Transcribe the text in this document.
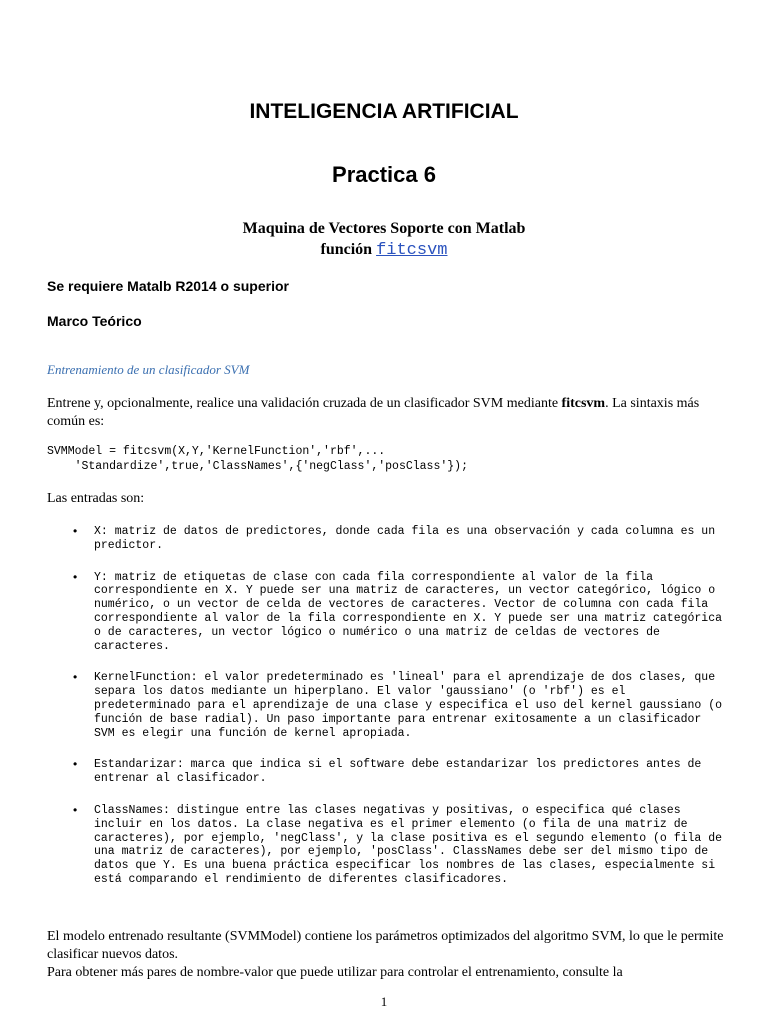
INTELIGENCIA ARTIFICIAL
Practica 6
Maquina de Vectores Soporte con Matlab
función fitcsvm
Se requiere Matalb R2014 o superior
Marco Teórico
Entrenamiento de un clasificador SVM
Entrene y, opcionalmente, realice una validación cruzada de un clasificador SVM mediante fitcsvm. La sintaxis más común es:
SVMModel = fitcsvm(X,Y,'KernelFunction','rbf',...
'Standardize',true,'ClassNames',{'negClass','posClass'});
Las entradas son:
• X: matriz de datos de predictores, donde cada fila es una observación y cada columna es un predictor.
• Y: matriz de etiquetas de clase con cada fila correspondiente al valor de la fila correspondiente en X. Y puede ser una matriz de caracteres, un vector categórico, lógico o numérico, o un vector de celda de vectores de caracteres. Vector de columna con cada fila correspondiente al valor de la fila correspondiente en X. Y puede ser una matriz categórica o de caracteres, un vector lógico o numérico o una matriz de celdas de vectores de caracteres.
• KernelFunction: el valor predeterminado es 'lineal' para el aprendizaje de dos clases, que separa los datos mediante un hiperplano. El valor 'gaussiano' (o 'rbf') es el predeterminado para el aprendizaje de una clase y especifica el uso del kernel gaussiano (o función de base radial). Un paso importante para entrenar exitosamente a un clasificador SVM es elegir una función de kernel apropiada.
• Estandarizar: marca que indica si el software debe estandarizar los predictores antes de entrenar al clasificador.
• ClassNames: distingue entre las clases negativas y positivas, o especifica qué clases incluir en los datos. La clase negativa es el primer elemento (o fila de una matriz de caracteres), por ejemplo, 'negClass', y la clase positiva es el segundo elemento (o fila de una matriz de caracteres), por ejemplo, 'posClass'. ClassNames debe ser del mismo tipo de datos que Y. Es una buena práctica especificar los nombres de las clases, especialmente si está comparando el rendimiento de diferentes clasificadores.
El modelo entrenado resultante (SVMModel) contiene los parámetros optimizados del algoritmo SVM, lo que le permite clasificar nuevos datos.
Para obtener más pares de nombre-valor que puede utilizar para controlar el entrenamiento, consulte la
1
